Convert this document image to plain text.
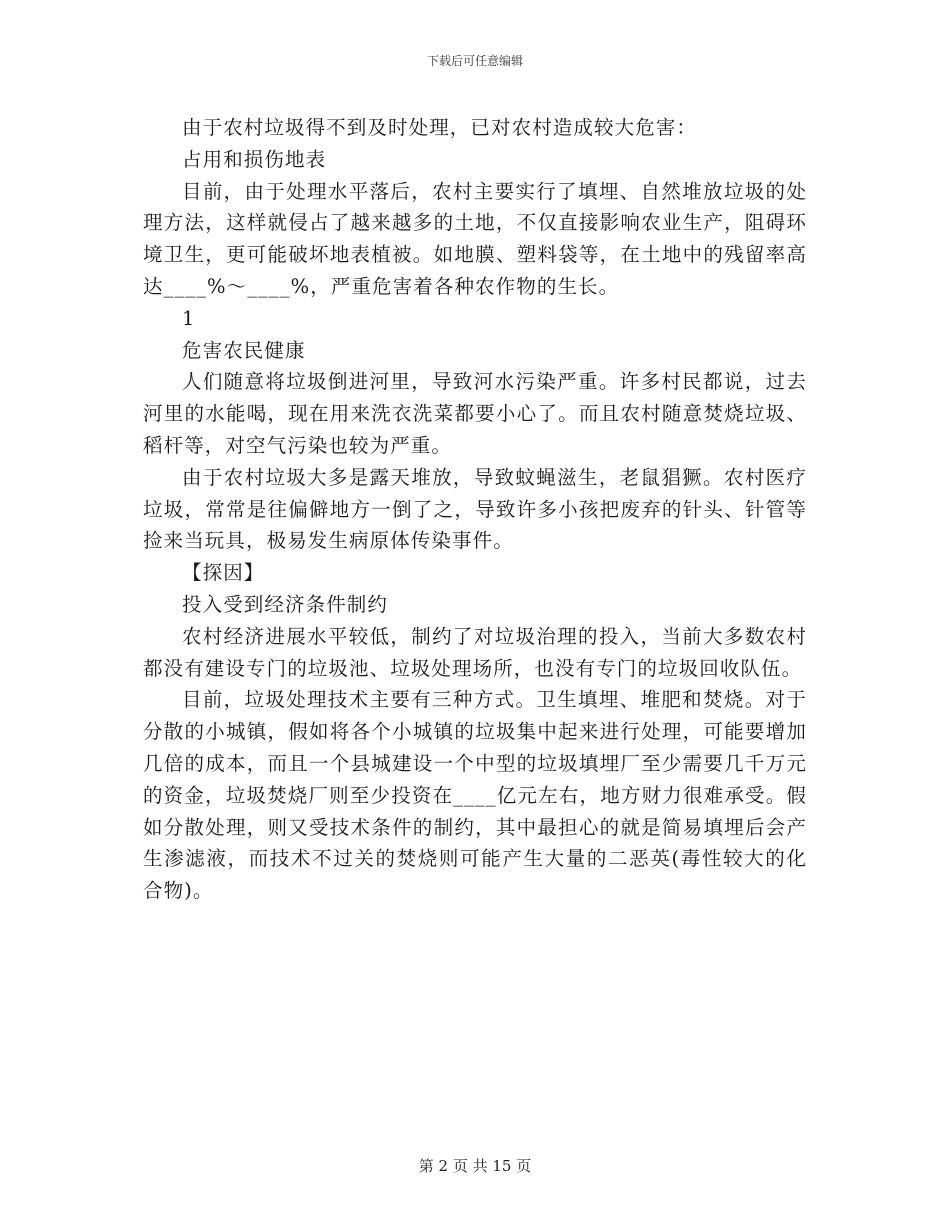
下载后可任意编辑

由于农村垃圾得不到及时处理，已对农村造成较大危害：

占用和损伤地表

目前，由于处理水平落后，农村主要实行了填埋、自然堆放垃圾的处理方法，这样就侵占了越来越多的土地，不仅直接影响农业生产，阻碍环境卫生，更可能破坏地表植被。如地膜、塑料袋等，在土地中的残留率高达____%～____%，严重危害着各种农作物的生长。

1

危害农民健康

人们随意将垃圾倒进河里，导致河水污染严重。许多村民都说，过去河里的水能喝，现在用来洗衣洗菜都要小心了。而且农村随意焚烧垃圾、稻杆等，对空气污染也较为严重。

由于农村垃圾大多是露天堆放，导致蚊蝇滋生，老鼠猖獗。农村医疗垃圾，常常是往偏僻地方一倒了之，导致许多小孩把废弃的针头、针管等捡来当玩具，极易发生病原体传染事件。

【探因】

投入受到经济条件制约

农村经济进展水平较低，制约了对垃圾治理的投入，当前大多数农村都没有建设专门的垃圾池、垃圾处理场所，也没有专门的垃圾回收队伍。

目前，垃圾处理技术主要有三种方式。卫生填埋、堆肥和焚烧。对于分散的小城镇，假如将各个小城镇的垃圾集中起来进行处理，可能要增加几倍的成本，而且一个县城建设一个中型的垃圾填埋厂至少需要几千万元的资金，垃圾焚烧厂则至少投资在____亿元左右，地方财力很难承受。假如分散处理，则又受技术条件的制约，其中最担心的就是简易填埋后会产生渗滤液，而技术不过关的焚烧则可能产生大量的二恶英(毒性较大的化合物)。

第 2 页 共 15 页
